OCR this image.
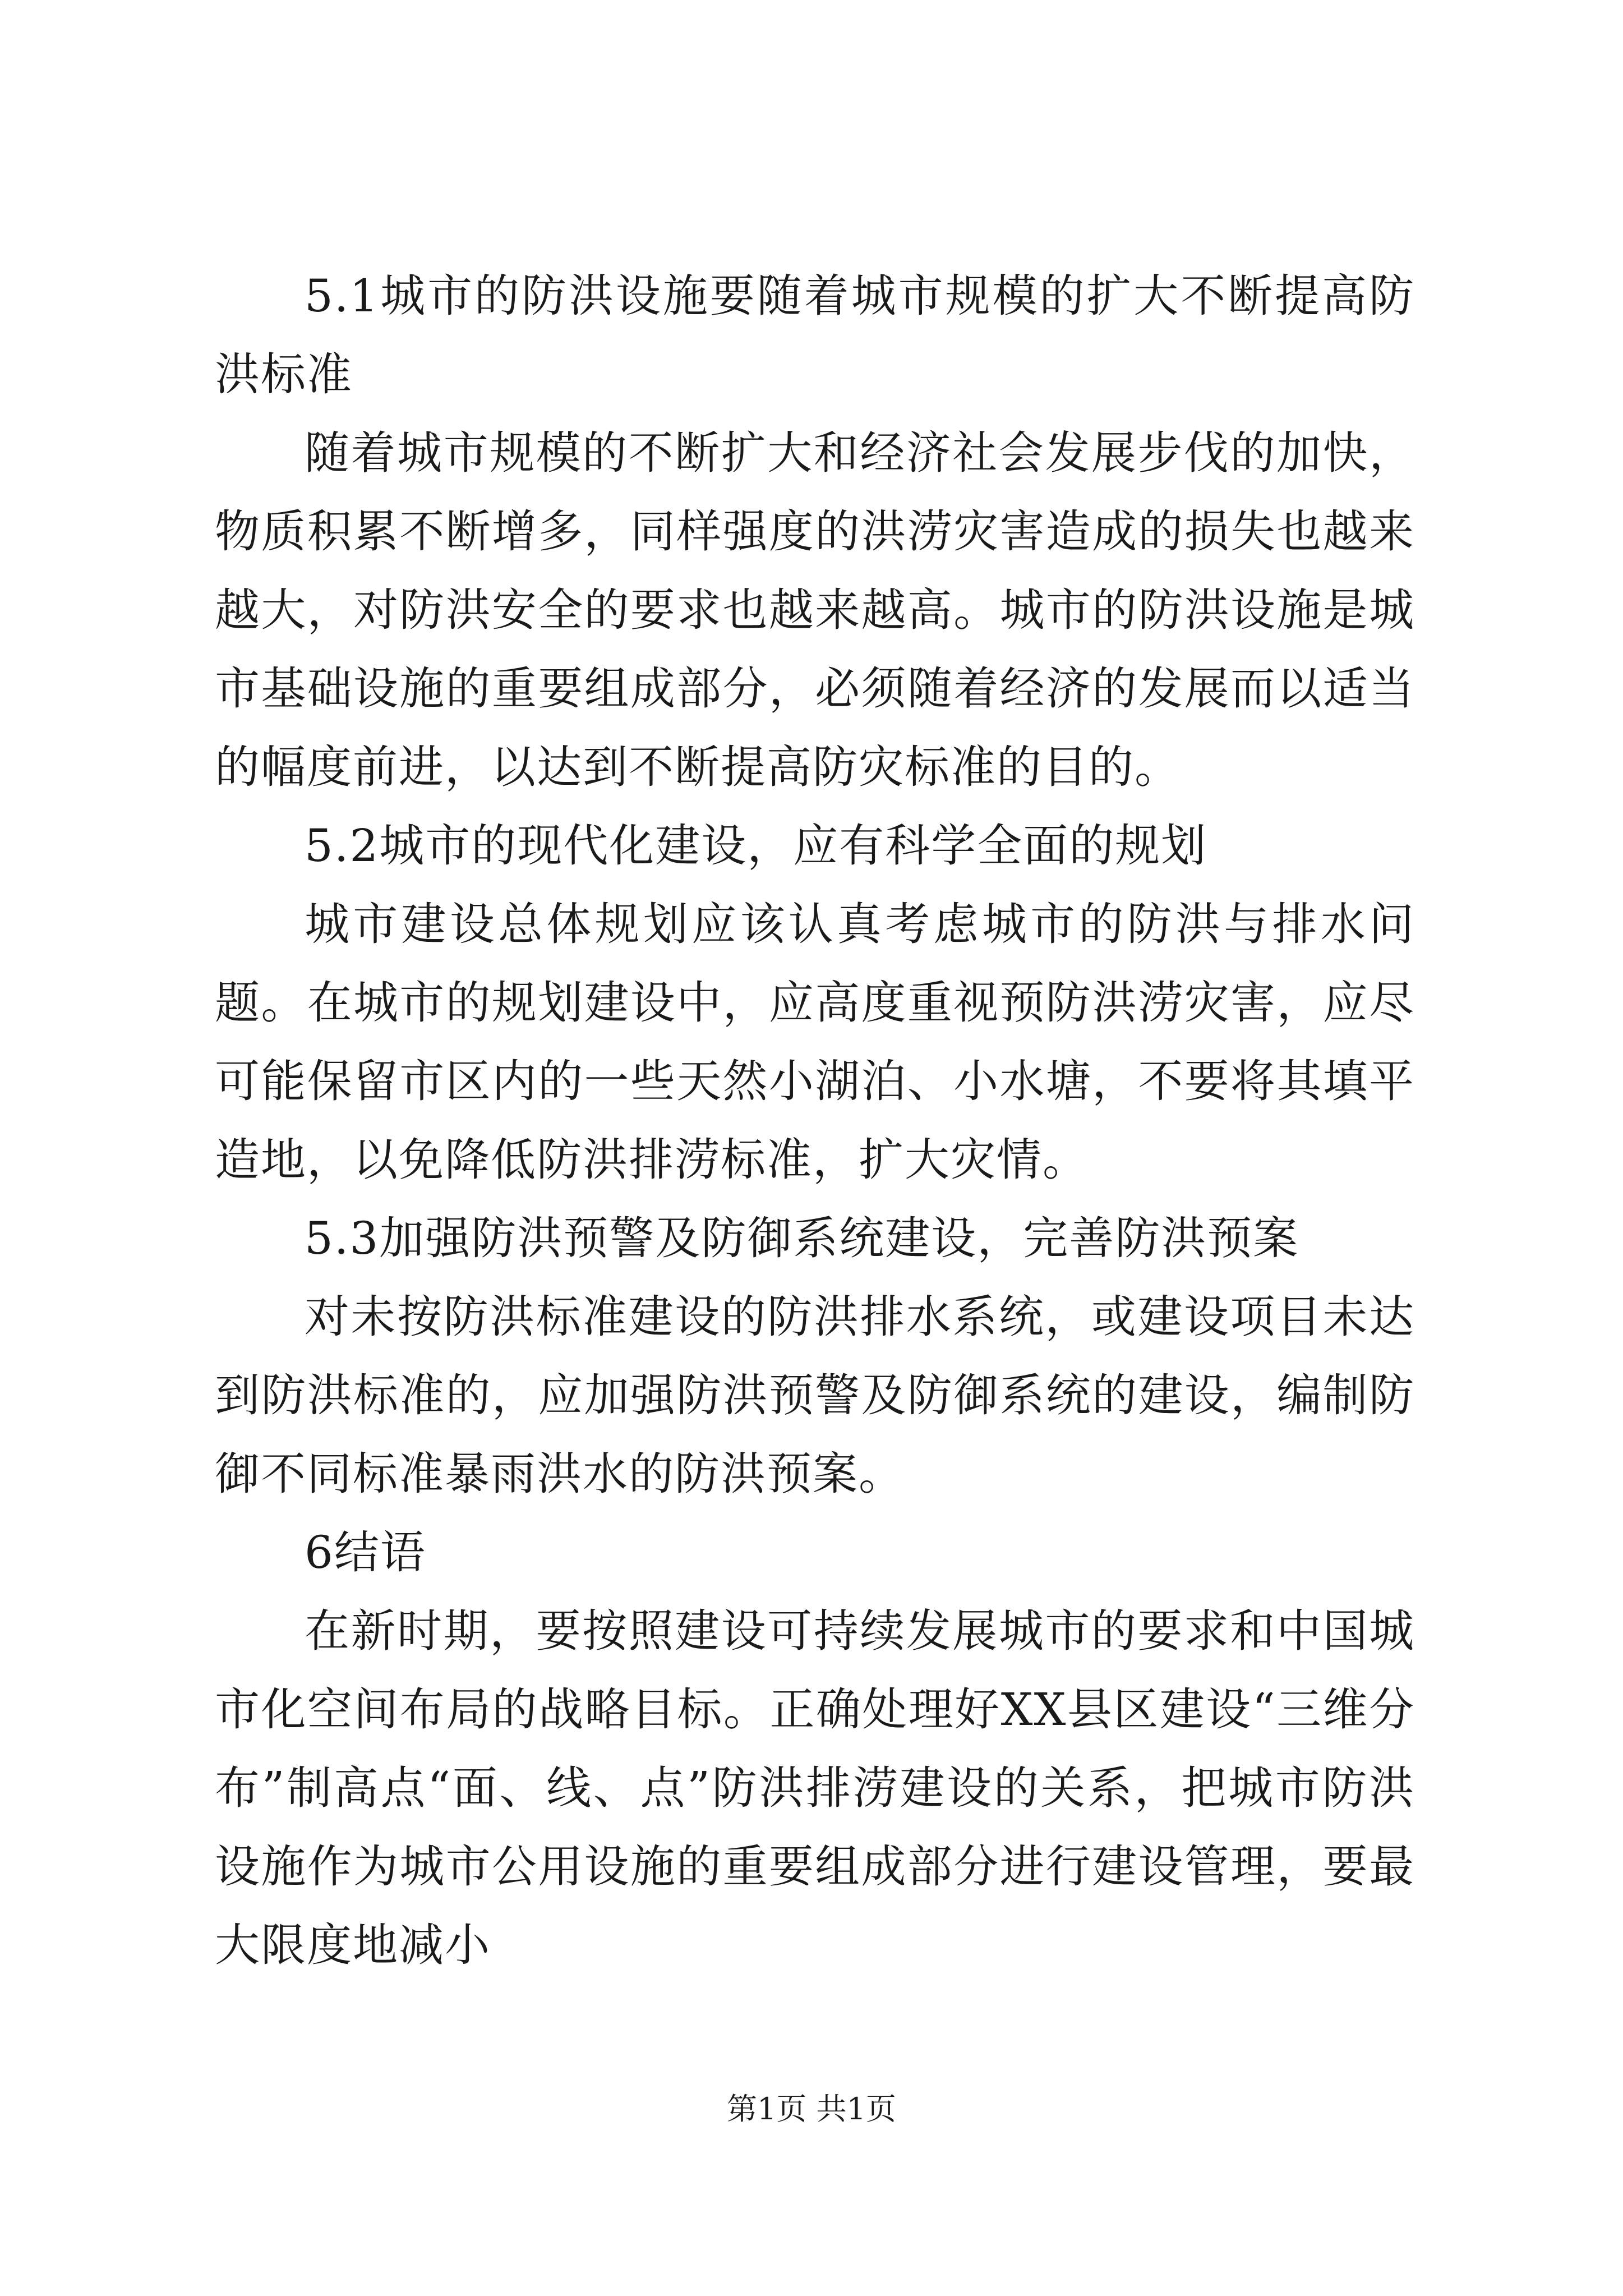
5.1城市的防洪设施要随着城市规模的扩大不断提高防洪标准

随着城市规模的不断扩大和经济社会发展步伐的加快，物质积累不断增多，同样强度的洪涝灾害造成的损失也越来越大，对防洪安全的要求也越来越高。城市的防洪设施是城市基础设施的重要组成部分，必须随着经济的发展而以适当的幅度前进，以达到不断提高防灾标准的目的。

5.2城市的现代化建设，应有科学全面的规划

城市建设总体规划应该认真考虑城市的防洪与排水问题。在城市的规划建设中，应高度重视预防洪涝灾害，应尽可能保留市区内的一些天然小湖泊、小水塘，不要将其填平造地，以免降低防洪排涝标准，扩大灾情。

5.3加强防洪预警及防御系统建设，完善防洪预案

对未按防洪标准建设的防洪排水系统，或建设项目未达到防洪标准的，应加强防洪预警及防御系统的建设，编制防御不同标准暴雨洪水的防洪预案。

6结语

在新时期，要按照建设可持续发展城市的要求和中国城市化空间布局的战略目标。正确处理好XX县区建设“三维分布”制高点“面、线、点”防洪排涝建设的关系，把城市防洪设施作为城市公用设施的重要组成部分进行建设管理，要最大限度地减小

第1页 共1页
